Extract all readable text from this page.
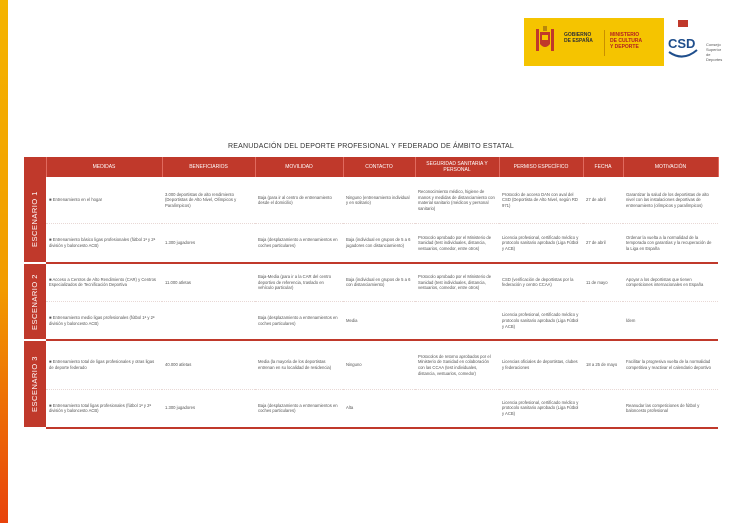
GOBIERNO
DE ESPAÑA
MINISTERIO
DE CULTURA
Y DEPORTE CSD	Consejo
Superior de
Deportes
REANUDACIÓN DEL DEPORTE PROFESIONAL Y FEDERADO DE ÁMBITO ESTATAL
	MEDIDAS	BENEFICIARIOS	MOVILIDAD	CONTACTO	SEGURIDAD SANITARIA Y PERSONAL	PERMISO ESPECÍFICO	FECHA	MOTIVACIÓN

ESCENARIO 1	■ Entrenamiento en el hogar	3.000 deportistas de alto rendimiento (Deportistas de Alto Nivel, Olímpicos y Paralímpicos)	Baja (para ir al centro de entrenamiento desde el domicilio)	Ninguno (entrenamiento individual y en solitario)	Reconocimiento médico, higiene de manos y medidas de distanciamiento con material sanitario (médicos y personal sanitario)	Protocolo de acceso DAN con aval del CSD (Deportista de Alto Nivel, según RD 971)	27 de abril	Garantizar la salud de los deportistas de alto nivel con las instalaciones deportivas de entrenamiento (olímpicos y paralímpicos)
	■ Entrenamiento básico ligas profesionales (fútbol 1ª y 2ª división y baloncesto ACB)	1.300 jugadores	Baja (desplazamiento a entrenamientos en coches particulares)	Baja (individual en grupos de 5 a 6 jugadores con distanciamiento)	Protocolo aprobado por el Ministerio de Sanidad (test individuales, distancia, vestuarios, comedor, entre otros)	Licencia profesional, certificado médico y protocolo sanitario aprobado (Liga Fútbol y ACB)	27 de abril	Ordenar la vuelta a la normalidad de la temporada con garantías y la recuperación de la Liga en España

ESCENARIO 2	■ Acceso a Centros de Alto Rendimiento (CAR) y Centros Especializados de Tecnificación Deportiva	11.000 atletas	Baja-Media (para ir a la CAR del centro deportivo de referencia, traslado en vehículo particular)	Baja (individual en grupos de 5 a 6 con distanciamiento)	Protocolo aprobado por el Ministerio de Sanidad (test individuales, distancia, vestuarios, comedor, entre otros)	CSD (verificación de deportistas por la federación y centro CCAA)	11 de mayo	Apoyar a los deportistas que tienen competiciones internacionales en España
	■ Entrenamiento medio ligas profesionales (fútbol 1ª y 2ª división y baloncesto ACB)		Baja (desplazamiento a entrenamientos en coches particulares)	Media		Licencia profesional, certificado médico y protocolo sanitario aprobado (Liga Fútbol y ACB)		Ídem

ESCENARIO 3	■ Entrenamiento total de ligas profesionales y otras ligas de deporte federado	40.000 atletas	Media (la mayoría de los deportistas entrenan en su localidad de residencia)	Ninguno	Protocolos de retorno aprobados por el Ministerio de Sanidad en colaboración con las CCAA (test individuales, distancia, vestuarios, comedor)	Licencias oficiales de deportistas, clubes y federaciones	18 a 25 de mayo	Facilitar la progresiva vuelta de la normalidad competitiva y reactivar el calendario deportivo
	■ Entrenamiento total ligas profesionales (fútbol 1ª y 2ª división y baloncesto ACB)	1.300 jugadores	Baja (desplazamiento a entrenamientos en coches particulares)	Alta		Licencia profesional, certificado médico y protocolo sanitario aprobado (Liga Fútbol y ACB)		Reanudar las competiciones de fútbol y baloncesto profesional
